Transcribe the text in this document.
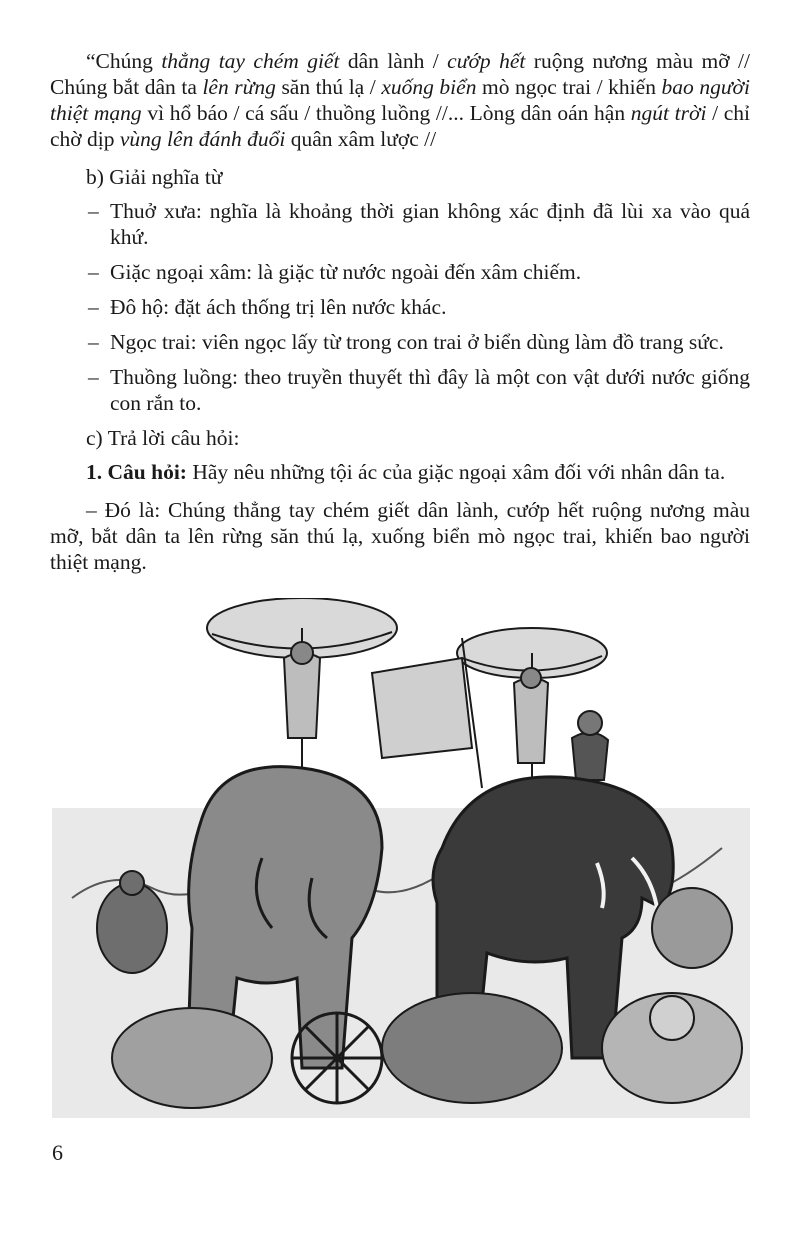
“Chúng thẳng tay chém giết dân lành / cướp hết ruộng nương màu mỡ // Chúng bắt dân ta lên rừng săn thú lạ / xuống biển mò ngọc trai / khiến bao người thiệt mạng vì hổ báo / cá sấu / thuồng luồng //... Lòng dân oán hận ngút trời / chỉ chờ dịp vùng lên đánh đuổi quân xâm lược //

b) Giải nghĩa từ

– Thuở xưa: nghĩa là khoảng thời gian không xác định đã lùi xa vào quá khứ.

– Giặc ngoại xâm: là giặc từ nước ngoài đến xâm chiếm.

– Đô hộ: đặt ách thống trị lên nước khác.

– Ngọc trai: viên ngọc lấy từ trong con trai ở biển dùng làm đồ trang sức.

– Thuồng luồng: theo truyền thuyết thì đây là một con vật dưới nước giống con rắn to.

c) Trả lời câu hỏi:

1. Câu hỏi: Hãy nêu những tội ác của giặc ngoại xâm đối với nhân dân ta.

– Đó là: Chúng thẳng tay chém giết dân lành, cướp hết ruộng nương màu mỡ, bắt dân ta lên rừng săn thú lạ, xuống biển mò ngọc trai, khiến bao người thiệt mạng.

6
